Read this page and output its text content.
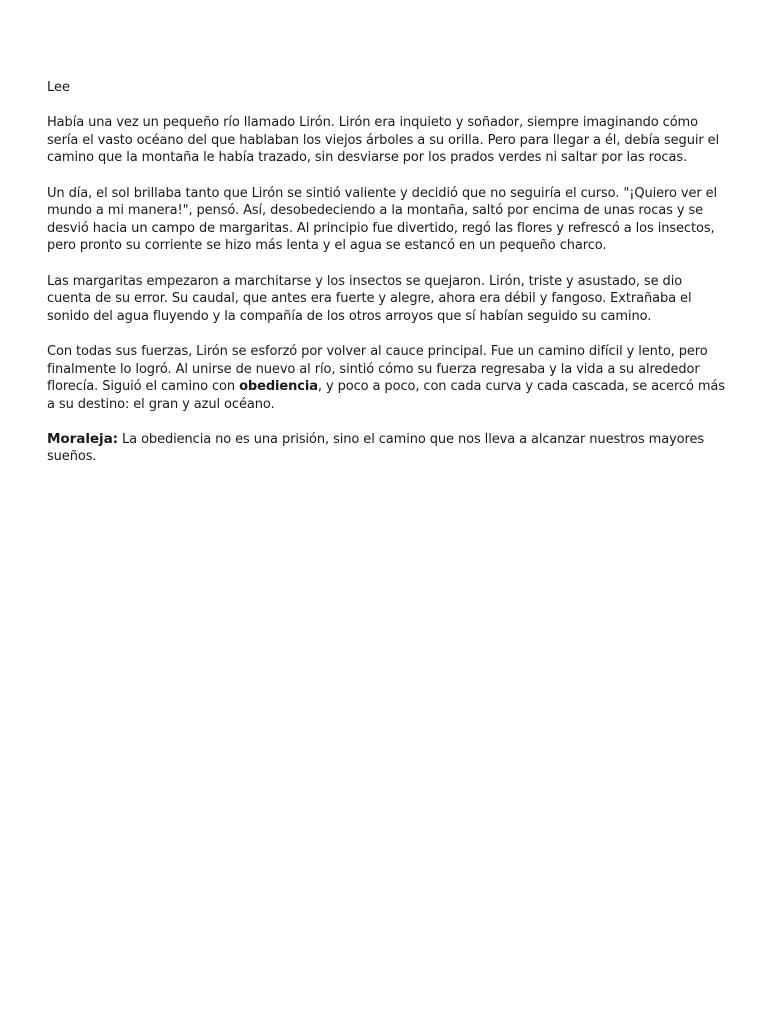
Lee

Había una vez un pequeño río llamado Lirón. Lirón era inquieto y soñador, siempre imaginando cómo sería el vasto océano del que hablaban los viejos árboles a su orilla. Pero para llegar a él, debía seguir el camino que la montaña le había trazado, sin desviarse por los prados verdes ni saltar por las rocas.

Un día, el sol brillaba tanto que Lirón se sintió valiente y decidió que no seguiría el curso. "¡Quiero ver el mundo a mi manera!", pensó. Así, desobedeciendo a la montaña, saltó por encima de unas rocas y se desvió hacia un campo de margaritas. Al principio fue divertido, regó las flores y refrescó a los insectos, pero pronto su corriente se hizo más lenta y el agua se estancó en un pequeño charco.

Las margaritas empezaron a marchitarse y los insectos se quejaron. Lirón, triste y asustado, se dio cuenta de su error. Su caudal, que antes era fuerte y alegre, ahora era débil y fangoso. Extrañaba el sonido del agua fluyendo y la compañía de los otros arroyos que sí habían seguido su camino.

Con todas sus fuerzas, Lirón se esforzó por volver al cauce principal. Fue un camino difícil y lento, pero finalmente lo logró. Al unirse de nuevo al río, sintió cómo su fuerza regresaba y la vida a su alrededor florecía. Siguió el camino con obediencia, y poco a poco, con cada curva y cada cascada, se acercó más a su destino: el gran y azul océano.

Moraleja: La obediencia no es una prisión, sino el camino que nos lleva a alcanzar nuestros mayores sueños.
